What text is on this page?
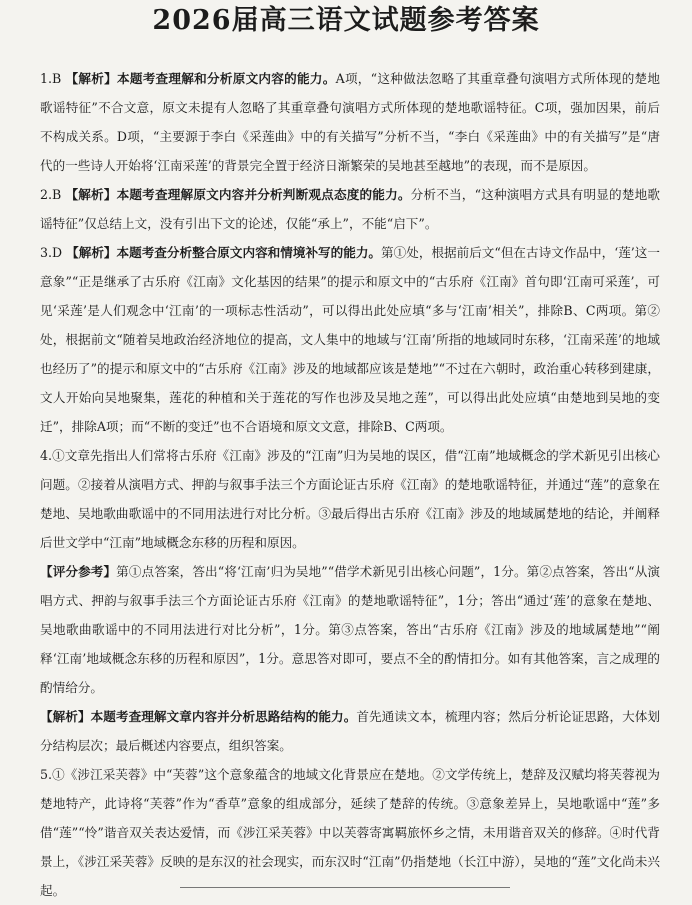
2026届高三语文试题参考答案

1.B 【解析】本题考查理解和分析原文内容的能力。A项，“这种做法忽略了其重章叠句演唱方式所体现的楚地歌谣特征”不合文意，原文未提有人忽略了其重章叠句演唱方式所体现的楚地歌谣特征。C项，强加因果，前后不构成关系。D项，“主要源于李白《采莲曲》中的有关描写”分析不当，“李白《采莲曲》中的有关描写”是“唐代的一些诗人开始将‘江南采莲’的背景完全置于经济日渐繁荣的吴地甚至越地”的表现，而不是原因。

2.B 【解析】本题考查理解原文内容并分析判断观点态度的能力。分析不当，“这种演唱方式具有明显的楚地歌谣特征”仅总结上文，没有引出下文的论述，仅能“承上”，不能“启下”。

3.D 【解析】本题考查分析整合原文内容和情境补写的能力。第①处，根据前后文“但在古诗文作品中，‘莲’这一意象”“正是继承了古乐府《江南》文化基因的结果”的提示和原文中的“古乐府《江南》首句即‘江南可采莲’，可见‘采莲’是人们观念中‘江南’的一项标志性活动”，可以得出此处应填“多与‘江南’相关”，排除B、C两项。第②处，根据前文“随着吴地政治经济地位的提高，文人集中的地域与‘江南’所指的地域同时东移，‘江南采莲’的地域也经历了”的提示和原文中的“古乐府《江南》涉及的地域都应该是楚地”“不过在六朝时，政治重心转移到建康，文人开始向吴地聚集，莲花的种植和关于莲花的写作也涉及吴地之莲”，可以得出此处应填“由楚地到吴地的变迁”，排除A项；而“不断的变迁”也不合语境和原文文意，排除B、C两项。

4.①文章先指出人们常将古乐府《江南》涉及的“江南”归为吴地的误区，借“江南”地域概念的学术新见引出核心问题。②接着从演唱方式、押韵与叙事手法三个方面论证古乐府《江南》的楚地歌谣特征，并通过“莲”的意象在楚地、吴地歌曲歌谣中的不同用法进行对比分析。③最后得出古乐府《江南》涉及的地域属楚地的结论，并阐释后世文学中“江南”地域概念东移的历程和原因。

【评分参考】第①点答案，答出“将‘江南’归为吴地”“借学术新见引出核心问题”，1分。第②点答案，答出“从演唱方式、押韵与叙事手法三个方面论证古乐府《江南》的楚地歌谣特征”，1分；答出“通过‘莲’的意象在楚地、吴地歌曲歌谣中的不同用法进行对比分析”，1分。第③点答案，答出“古乐府《江南》涉及的地域属楚地”“阐释‘江南’地域概念东移的历程和原因”，1分。意思答对即可，要点不全的酌情扣分。如有其他答案，言之成理的酌情给分。

【解析】本题考查理解文章内容并分析思路结构的能力。首先通读文本，梳理内容；然后分析论证思路，大体划分结构层次；最后概述内容要点，组织答案。

5.①《涉江采芙蓉》中“芙蓉”这个意象蕴含的地域文化背景应在楚地。②文学传统上，楚辞及汉赋均将芙蓉视为楚地特产，此诗将“芙蓉”作为“香草”意象的组成部分，延续了楚辞的传统。③意象差异上，吴地歌谣中“莲”多借“莲”“怜”谐音双关表达爱情，而《涉江采芙蓉》中以芙蓉寄寓羁旅怀乡之情，未用谐音双关的修辞。④时代背景上，《涉江采芙蓉》反映的是东汉的社会现实，而东汉时“江南”仍指楚地（长江中游），吴地的“莲”文化尚未兴起。
